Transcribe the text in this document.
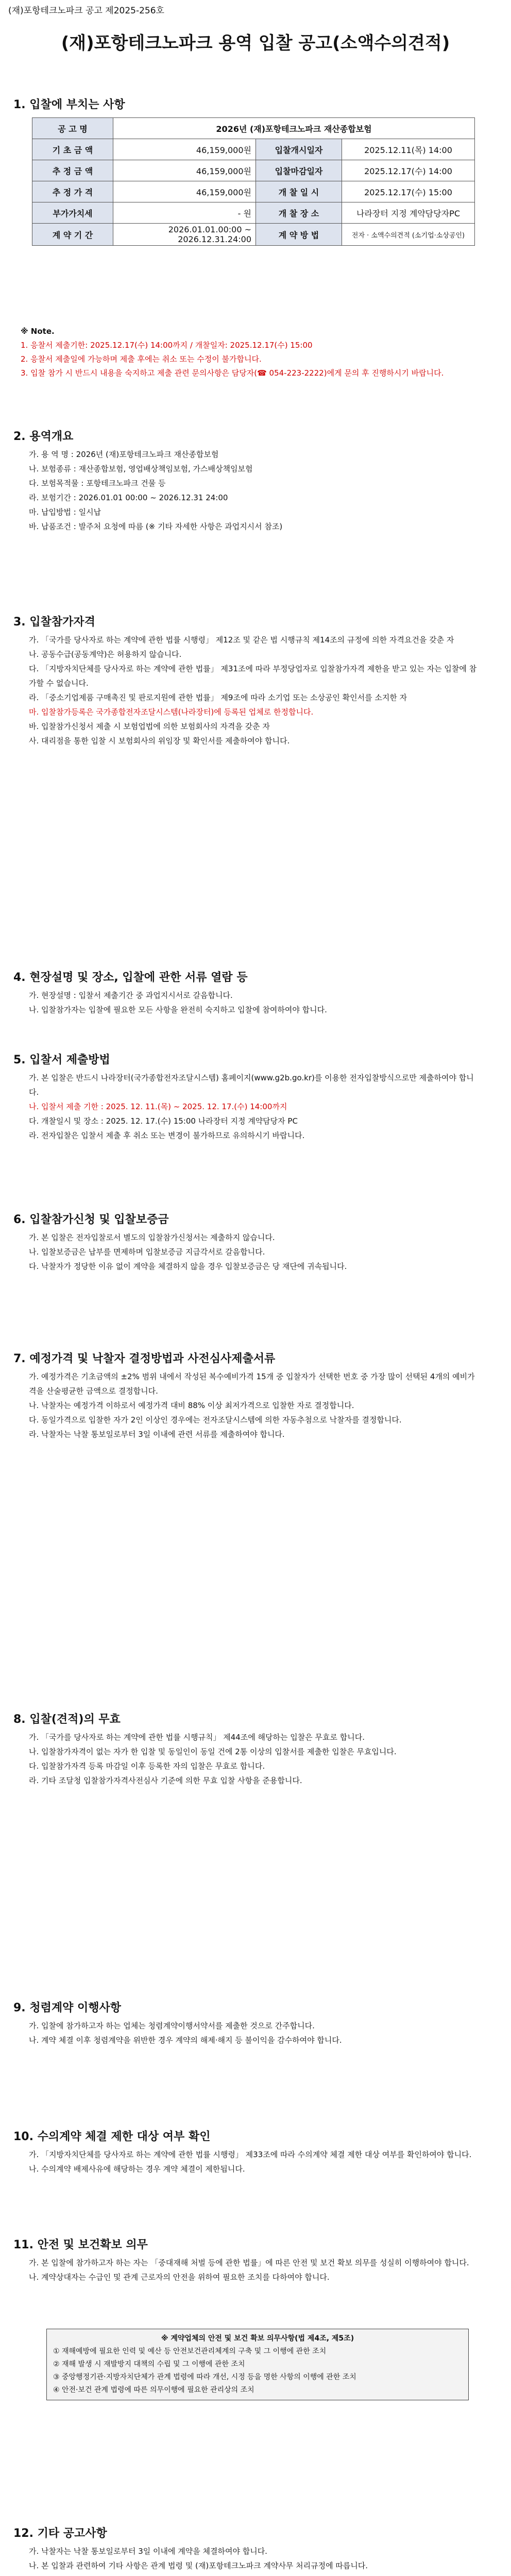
(재)포항테크노파크 공고 제2025-256호
(재)포항테크노파크 용역 입찰 공고(소액수의견적)
1. 입찰에 부치는 사항
공 고 명	2026년 (재)포항테크노파크 재산종합보험		
기 초 금 액	46,159,000원	입찰개시일자	2025.12.11(목) 14:00
추 정 금 액	46,159,000원	입찰마감일자	2025.12.17(수) 14:00
추 정 가 격	46,159,000원	개 찰 일 시	2025.12.17(수) 15:00
부가가치세	- 원	개 찰 장 소	나라장터 지정 계약담당자PC
계 약 기 간	2026.01.01.00:00 ~ 2026.12.31.24:00	계 약 방 법	전자 · 소액수의견적 (소기업·소상공인)
※ Note.
1. 응찰서 제출기한: 2025.12.17(수) 14:00까지 / 개찰일자: 2025.12.17(수) 15:00
2. 응찰서 제출일에 가능하며 제출 후에는 취소 또는 수정이 불가합니다.
3. 입찰 참가 시 반드시 내용을 숙지하고 제출 관련 문의사항은 담당자(☎ 054-223-2222)에게 문의 후 진행하시기 바랍니다.
2. 용역개요

가. 용 역 명 : 2026년 (재)포항테크노파크 재산종합보험

나. 보험종류 : 재산종합보험, 영업배상책임보험, 가스배상책임보험

다. 보험목적물 : 포항테크노파크 건물 등

라. 보험기간 : 2026.01.01 00:00 ~ 2026.12.31 24:00

마. 납입방법 : 일시납

바. 납품조건 : 발주처 요청에 따름 (※ 기타 자세한 사항은 과업지시서 참조)

3. 입찰참가자격

가. 「국가를 당사자로 하는 계약에 관한 법률 시행령」 제12조 및 같은 법 시행규칙 제14조의 규정에 의한 자격요건을 갖춘 자

나. 공동수급(공동계약)은 허용하지 않습니다.

다. 「지방자치단체를 당사자로 하는 계약에 관한 법률」 제31조에 따라 부정당업자로 입찰참가자격 제한을 받고 있는 자는 입찰에 참가할 수 없습니다.

라. 「중소기업제품 구매촉진 및 판로지원에 관한 법률」 제9조에 따라 소기업 또는 소상공인 확인서를 소지한 자

마. 입찰참가등록은 국가종합전자조달시스템(나라장터)에 등록된 업체로 한정합니다.

바. 입찰참가신청서 제출 시 보험업법에 의한 보험회사의 자격을 갖춘 자

사. 대리점을 통한 입찰 시 보험회사의 위임장 및 확인서를 제출하여야 합니다.

4. 현장설명 및 장소, 입찰에 관한 서류 열람 등

가. 현장설명 : 입찰서 제출기간 중 과업지시서로 갈음합니다.

나. 입찰참가자는 입찰에 필요한 모든 사항을 완전히 숙지하고 입찰에 참여하여야 합니다.

5. 입찰서 제출방법

가. 본 입찰은 반드시 나라장터(국가종합전자조달시스템) 홈페이지(www.g2b.go.kr)를 이용한 전자입찰방식으로만 제출하여야 합니다.

나. 입찰서 제출 기한 : 2025. 12. 11.(목) ~ 2025. 12. 17.(수) 14:00까지

다. 개찰일시 및 장소 : 2025. 12. 17.(수) 15:00 나라장터 지정 계약담당자 PC

라. 전자입찰은 입찰서 제출 후 취소 또는 변경이 불가하므로 유의하시기 바랍니다.

6. 입찰참가신청 및 입찰보증금

가. 본 입찰은 전자입찰로서 별도의 입찰참가신청서는 제출하지 않습니다.

나. 입찰보증금은 납부를 면제하며 입찰보증금 지급각서로 갈음합니다.

다. 낙찰자가 정당한 이유 없이 계약을 체결하지 않을 경우 입찰보증금은 당 재단에 귀속됩니다.

7. 예정가격 및 낙찰자 결정방법과 사전심사제출서류

가. 예정가격은 기초금액의 ±2% 범위 내에서 작성된 복수예비가격 15개 중 입찰자가 선택한 번호 중 가장 많이 선택된 4개의 예비가격을 산술평균한 금액으로 결정합니다.

나. 낙찰자는 예정가격 이하로서 예정가격 대비 88% 이상 최저가격으로 입찰한 자로 결정합니다.

다. 동일가격으로 입찰한 자가 2인 이상인 경우에는 전자조달시스템에 의한 자동추첨으로 낙찰자를 결정합니다.

라. 낙찰자는 낙찰 통보일로부터 3일 이내에 관련 서류를 제출하여야 합니다.

8. 입찰(견적)의 무효

가. 「국가를 당사자로 하는 계약에 관한 법률 시행규칙」 제44조에 해당하는 입찰은 무효로 합니다.

나. 입찰참가자격이 없는 자가 한 입찰 및 동일인이 동일 건에 2통 이상의 입찰서를 제출한 입찰은 무효입니다.

다. 입찰참가자격 등록 마감일 이후 등록한 자의 입찰은 무효로 합니다.

라. 기타 조달청 입찰참가자격사전심사 기준에 의한 무효 입찰 사항을 준용합니다.

9. 청렴계약 이행사항

가. 입찰에 참가하고자 하는 업체는 청렴계약이행서약서를 제출한 것으로 간주합니다.

나. 계약 체결 이후 청렴계약을 위반한 경우 계약의 해제·해지 등 불이익을 감수하여야 합니다.

10. 수의계약 체결 제한 대상 여부 확인

가. 「지방자치단체를 당사자로 하는 계약에 관한 법률 시행령」 제33조에 따라 수의계약 체결 제한 대상 여부를 확인하여야 합니다.

나. 수의계약 배제사유에 해당하는 경우 계약 체결이 제한됩니다.

11. 안전 및 보건확보 의무

가. 본 입찰에 참가하고자 하는 자는 「중대재해 처벌 등에 관한 법률」에 따른 안전 및 보건 확보 의무를 성실히 이행하여야 합니다.

나. 계약상대자는 수급인 및 관계 근로자의 안전을 위하여 필요한 조치를 다하여야 합니다.

※ 계약업체의 안전 및 보건 확보 의무사항(법 제4조, 제5조)
① 재해예방에 필요한 인력 및 예산 등 안전보건관리체계의 구축 및 그 이행에 관한 조치
② 재해 발생 시 재발방지 대책의 수립 및 그 이행에 관한 조치
③ 중앙행정기관·지방자치단체가 관계 법령에 따라 개선, 시정 등을 명한 사항의 이행에 관한 조치
④ 안전·보건 관계 법령에 따른 의무이행에 필요한 관리상의 조치
12. 기타 공고사항

가. 낙찰자는 낙찰 통보일로부터 3일 이내에 계약을 체결하여야 합니다.

나. 본 입찰과 관련하여 기타 사항은 관계 법령 및 (재)포항테크노파크 계약사무 처리규정에 따릅니다.
